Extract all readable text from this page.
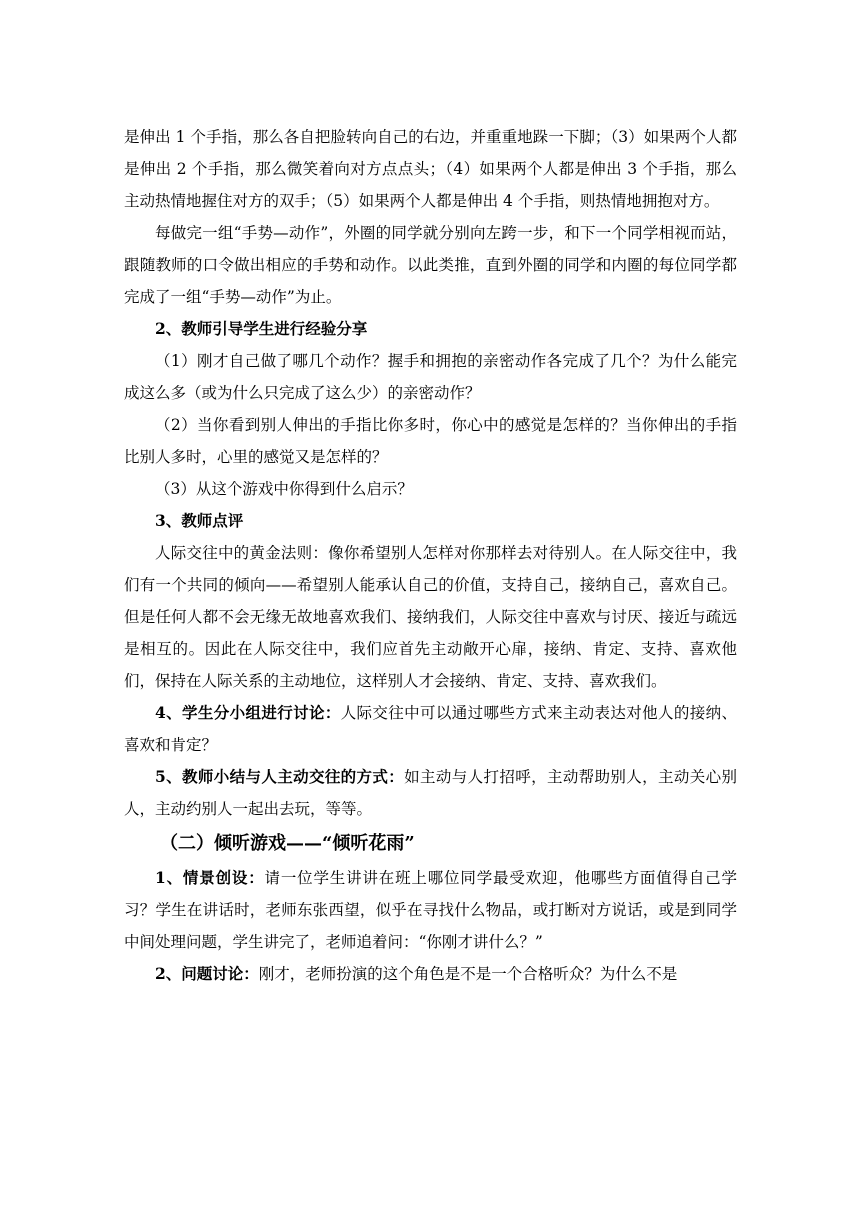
是伸出 1 个手指，那么各自把脸转向自己的右边，并重重地跺一下脚；（3）如果两个人都是伸出 2 个手指，那么微笑着向对方点点头；（4）如果两个人都是伸出 3 个手指，那么主动热情地握住对方的双手；（5）如果两个人都是伸出 4 个手指，则热情地拥抱对方。

每做完一组“手势—动作”，外圈的同学就分别向左跨一步，和下一个同学相视而站，跟随教师的口令做出相应的手势和动作。以此类推，直到外圈的同学和内圈的每位同学都完成了一组“手势—动作”为止。

2、教师引导学生进行经验分享

（1）刚才自己做了哪几个动作？握手和拥抱的亲密动作各完成了几个？为什么能完成这么多（或为什么只完成了这么少）的亲密动作？

（2）当你看到别人伸出的手指比你多时，你心中的感觉是怎样的？当你伸出的手指比别人多时，心里的感觉又是怎样的？

（3）从这个游戏中你得到什么启示？

3、教师点评

人际交往中的黄金法则：像你希望别人怎样对你那样去对待别人。在人际交往中，我们有一个共同的倾向——希望别人能承认自己的价值，支持自己，接纳自己，喜欢自己。但是任何人都不会无缘无故地喜欢我们、接纳我们，人际交往中喜欢与讨厌、接近与疏远是相互的。因此在人际交往中，我们应首先主动敞开心扉，接纳、肯定、支持、喜欢他们，保持在人际关系的主动地位，这样别人才会接纳、肯定、支持、喜欢我们。

4、学生分小组进行讨论：人际交往中可以通过哪些方式来主动表达对他人的接纳、喜欢和肯定？

5、教师小结与人主动交往的方式：如主动与人打招呼，主动帮助别人，主动关心别人，主动约别人一起出去玩，等等。

（二）倾听游戏——“倾听花雨”

1、情景创设：请一位学生讲讲在班上哪位同学最受欢迎，他哪些方面值得自己学习？学生在讲话时，老师东张西望，似乎在寻找什么物品，或打断对方说话，或是到同学中间处理问题，学生讲完了，老师追着问：“你刚才讲什么？”

2、问题讨论：刚才，老师扮演的这个角色是不是一个合格听众？为什么不是
